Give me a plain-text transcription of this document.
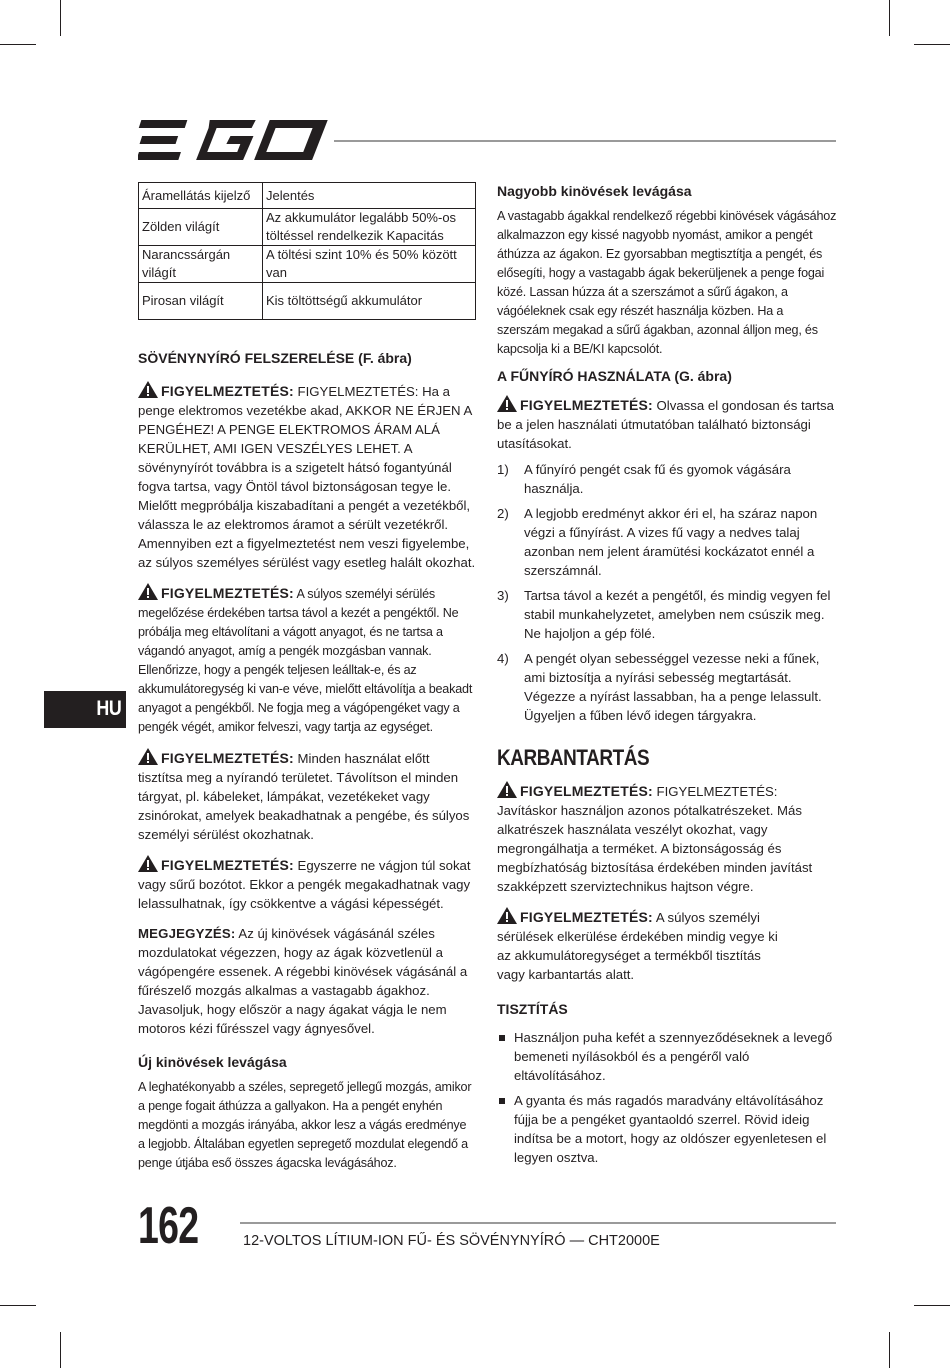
HU
Áramellátás kijelző	Jelentés
Zölden világít	Az akkumulátor legalább 50%-os töltéssel rendelkezik Kapacitás
Narancssárgán világít	A töltési szint 10% és 50% között van
Pirosan világít	Kis töltöttségű akkumulátor
SÖVÉNYNYÍRÓ FELSZERELÉSE (F. ábra)

FIGYELMEZTETÉS: FIGYELMEZTETÉS: Ha a penge elektromos vezetékbe akad, AKKOR NE ÉRJEN A PENGÉHEZ! A PENGE ELEKTROMOS ÁRAM ALÁ KERÜLHET, AMI IGEN VESZÉLYES LEHET. A sövénynyírót továbbra is a szigetelt hátsó fogantyúnál fogva tartsa, vagy Öntöl távol biztonságosan tegye le. Mielőtt megpróbálja kiszabadítani a pengét a vezetékből, válassza le az elektromos áramot a sérült vezetékről. Amennyiben ezt a figyelmeztetést nem veszi figyelembe, az súlyos személyes sérülést vagy esetleg halált okozhat.

FIGYELMEZTETÉS: A súlyos személyi sérülés megelőzése érdekében tartsa távol a kezét a pengéktől. Ne próbálja meg eltávolítani a vágott anyagot, és ne tartsa a vágandó anyagot, amíg a pengék mozgásban vannak. Ellenőrizze, hogy a pengék teljesen leálltak-e, és az akkumulátoregység ki van-e véve, mielőtt eltávolítja a beakadt anyagot a pengékből. Ne fogja meg a vágópengéket vagy a pengék végét, amikor felveszi, vagy tartja az egységet.

FIGYELMEZTETÉS: Minden használat előtt tisztítsa meg a nyírandó területet. Távolítson el minden tárgyat, pl. kábeleket, lámpákat, vezetékeket vagy zsinórokat, amelyek beakadhatnak a pengébe, és súlyos személyi sérülést okozhatnak.

FIGYELMEZTETÉS: Egyszerre ne vágjon túl sokat vagy sűrű bozótot. Ekkor a pengék megakadhatnak vagy lelassulhatnak, így csökkentve a vágási képességét.

MEGJEGYZÉS: Az új kinövések vágásánál széles mozdulatokat végezzen, hogy az ágak közvetlenül a vágópengére essenek. A régebbi kinövések vágásánál a fűrészelő mozgás alkalmas a vastagabb ágakhoz. Javasoljuk, hogy először a nagy ágakat vágja le nem motoros kézi fűrésszel vagy ágnyesővel.

Új kinövések levágása

A leghatékonyabb a széles, sepregető jellegű mozgás, amikor a penge fogait áthúzza a gallyakon. Ha a pengét enyhén megdönti a mozgás irányába, akkor lesz a vágás eredménye a legjobb. Általában egyetlen sepregető mozdulat elegendő a penge útjába eső összes ágacska levágásához.

Nagyobb kinövések levágása

A vastagabb ágakkal rendelkező régebbi kinövések vágásához alkalmazzon egy kissé nagyobb nyomást, amikor a pengét áthúzza az ágakon. Ez gyorsabban megtisztítja a pengét, és elősegíti, hogy a vastagabb ágak bekerüljenek a penge fogai közé. Lassan húzza át a szerszámot a sűrű ágakon, a vágóéleknek csak egy részét használja közben. Ha a szerszám megakad a sűrű ágakban, azonnal álljon meg, és kapcsolja ki a BE/KI kapcsolót.

A FŰNYÍRÓ HASZNÁLATA (G. ábra)

FIGYELMEZTETÉS: Olvassa el gondosan és tartsa be a jelen használati útmutatóban található biztonsági utasításokat.

1) A fűnyíró pengét csak fű és gyomok vágására használja.
2) A legjobb eredményt akkor éri el, ha száraz napon végzi a fűnyírást. A vizes fű vagy a nedves talaj azonban nem jelent áramütési kockázatot ennél a szerszámnál.
3) Tartsa távol a kezét a pengétől, és mindig vegyen fel stabil munkahelyzetet, amelyben nem csúszik meg. Ne hajoljon a gép fölé.
4) A pengét olyan sebességgel vezesse neki a fűnek, ami biztosítja a nyírási sebesség megtartását. Végezze a nyírást lassabban, ha a penge lelassult. Ügyeljen a fűben lévő idegen tárgyakra.
KARBANTARTÁS

FIGYELMEZTETÉS: FIGYELMEZTETÉS: Javításkor használjon azonos pótalkatrészeket. Más alkatrészek használata veszélyt okozhat, vagy megrongálhatja a terméket. A biztonságosság és megbízhatóság biztosítása érdekében minden javítást szakképzett szerviztechnikus hajtson végre.

FIGYELMEZTETÉS: A súlyos személyi sérülések elkerülése érdekében mindig vegye ki az akkumulátoregységet a termékből tisztítás vagy karbantartás alatt.

TISZTÍTÁS
Használjon puha kefét a szennyeződéseknek a levegő bemeneti nyílásokból és a pengéről való eltávolításához.
A gyanta és más ragadós maradvány eltávolításához fújja be a pengéket gyantaoldó szerrel. Rövid ideig indítsa be a motort, hogy az oldószer egyenletesen el legyen osztva.
162	12-VOLTOS LÍTIUM-ION FŰ- ÉS SÖVÉNYNYÍRÓ — CHT2000E
